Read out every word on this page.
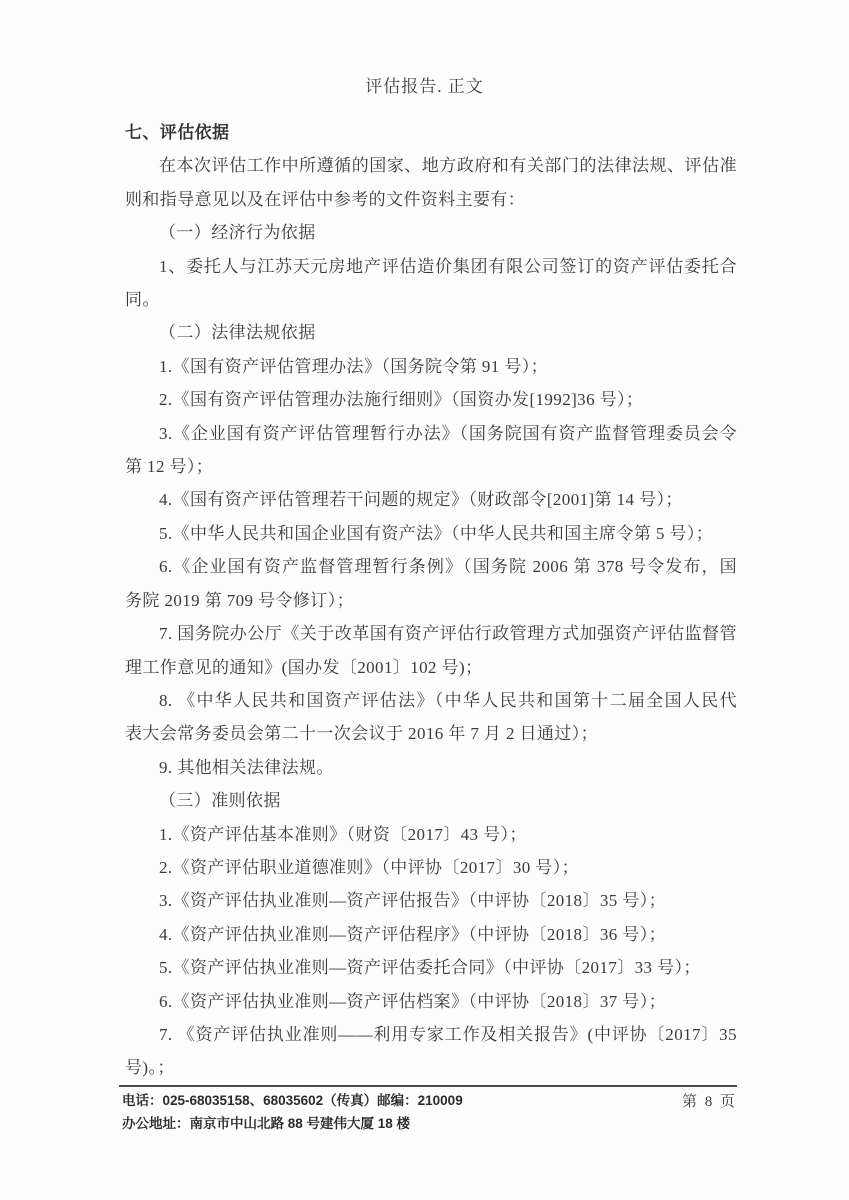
评估报告. 正文
七、评估依据
在本次评估工作中所遵循的国家、地方政府和有关部门的法律法规、评估准
则和指导意见以及在评估中参考的文件资料主要有：
（一）经济行为依据
1、委托人与江苏天元房地产评估造价集团有限公司签订的资产评估委托合
同。
（二）法律法规依据
1.《国有资产评估管理办法》（国务院令第 91 号）；
2.《国有资产评估管理办法施行细则》（国资办发[1992]36 号）；
3.《企业国有资产评估管理暂行办法》（国务院国有资产监督管理委员会令
第 12 号）；
4.《国有资产评估管理若干问题的规定》（财政部令[2001]第 14 号）；
5.《中华人民共和国企业国有资产法》（中华人民共和国主席令第 5 号）；
6.《企业国有资产监督管理暂行条例》（国务院 2006 第 378 号令发布，国
务院 2019 第 709 号令修订）；
7. 国务院办公厅《关于改革国有资产评估行政管理方式加强资产评估监督管
理工作意见的通知》(国办发〔2001〕102 号)；
8. 《中华人民共和国资产评估法》（中华人民共和国第十二届全国人民代
表大会常务委员会第二十一次会议于 2016 年 7 月 2 日通过）；
9. 其他相关法律法规。
（三）准则依据
1.《资产评估基本准则》（财资〔2017〕43 号）；
2.《资产评估职业道德准则》（中评协〔2017〕30 号）；
3.《资产评估执业准则—资产评估报告》（中评协〔2018〕35 号）；
4.《资产评估执业准则—资产评估程序》（中评协〔2018〕36 号）；
5.《资产评估执业准则—资产评估委托合同》（中评协〔2017〕33 号）；
6.《资产评估执业准则—资产评估档案》（中评协〔2018〕37 号）；
7. 《资产评估执业准则——利用专家工作及相关报告》(中评协〔2017〕35
号)。；
电话：025-68035158、68035602（传真）邮编：210009
办公地址：南京市中山北路 88 号建伟大厦 18 楼
第 8 页
